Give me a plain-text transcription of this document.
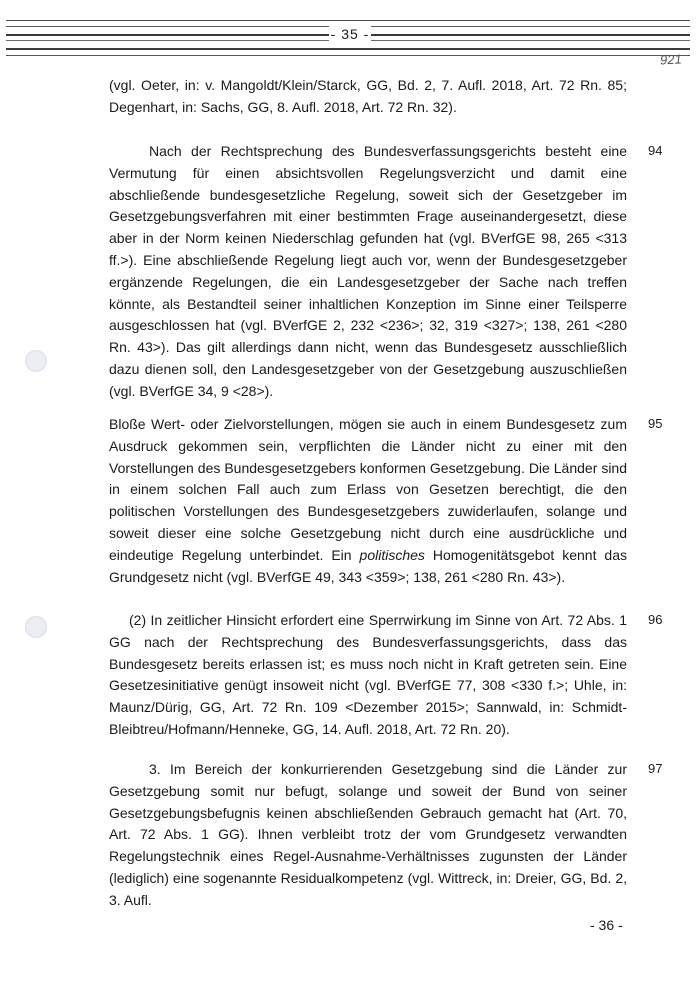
- 35 -
921

(vgl. Oeter, in: v. Mangoldt/Klein/Starck, GG, Bd. 2, 7. Aufl. 2018, Art. 72 Rn. 85; Degenhart, in: Sachs, GG, 8. Aufl. 2018, Art. 72 Rn. 32).

94

Nach der Rechtsprechung des Bundesverfassungsgerichts besteht eine Vermutung für einen absichtsvollen Regelungsverzicht und damit eine abschließende bundesgesetzliche Regelung, soweit sich der Gesetzgeber im Gesetzgebungsverfahren mit einer bestimmten Frage auseinandergesetzt, diese aber in der Norm keinen Niederschlag gefunden hat (vgl. BVerfGE 98, 265 <313 ff.>). Eine abschließende Regelung liegt auch vor, wenn der Bundesgesetzgeber ergänzende Regelungen, die ein Landesgesetzgeber der Sache nach treffen könnte, als Bestandteil seiner inhaltlichen Konzeption im Sinne einer Teilsperre ausgeschlossen hat (vgl. BVerfGE 2, 232 <236>; 32, 319 <327>; 138, 261 <280 Rn. 43>). Das gilt allerdings dann nicht, wenn das Bundesgesetz ausschließlich dazu dienen soll, den Landesgesetzgeber von der Gesetzgebung auszuschließen (vgl. BVerfGE 34, 9 <28>).

95

Bloße Wert- oder Zielvorstellungen, mögen sie auch in einem Bundesgesetz zum Ausdruck gekommen sein, verpflichten die Länder nicht zu einer mit den Vorstellungen des Bundesgesetzgebers konformen Gesetzgebung. Die Länder sind in einem solchen Fall auch zum Erlass von Gesetzen berechtigt, die den politischen Vorstellungen des Bundesgesetzgebers zuwiderlaufen, solange und soweit dieser eine solche Gesetzgebung nicht durch eine ausdrückliche und eindeutige Regelung unterbindet. Ein politisches Homogenitätsgebot kennt das Grundgesetz nicht (vgl. BVerfGE 49, 343 <359>; 138, 261 <280 Rn. 43>).

96

(2) In zeitlicher Hinsicht erfordert eine Sperrwirkung im Sinne von Art. 72 Abs. 1 GG nach der Rechtsprechung des Bundesverfassungsgerichts, dass das Bundesgesetz bereits erlassen ist; es muss noch nicht in Kraft getreten sein. Eine Gesetzesinitiative genügt insoweit nicht (vgl. BVerfGE 77, 308 <330 f.>; Uhle, in: Maunz/Dürig, GG, Art. 72 Rn. 109 <Dezember 2015>; Sannwald, in: Schmidt-Bleibtreu/Hofmann/Henneke, GG, 14. Aufl. 2018, Art. 72 Rn. 20).

97

3. Im Bereich der konkurrierenden Gesetzgebung sind die Länder zur Gesetzgebung somit nur befugt, solange und soweit der Bund von seiner Gesetzgebungsbefugnis keinen abschließenden Gebrauch gemacht hat (Art. 70, Art. 72 Abs. 1 GG). Ihnen verbleibt trotz der vom Grundgesetz verwandten Regelungstechnik eines Regel-Ausnahme-Verhältnisses zugunsten der Länder (lediglich) eine sogenannte Residualkompetenz (vgl. Wittreck, in: Dreier, GG, Bd. 2, 3. Aufl.

- 36 -
